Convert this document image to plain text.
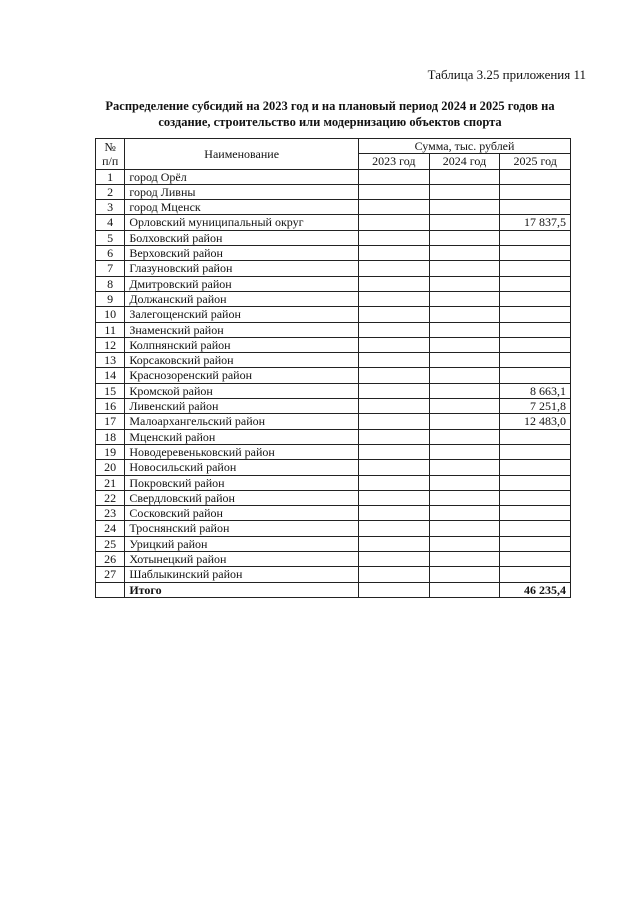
Таблица 3.25 приложения 11
Распределение субсидий на 2023 год и на плановый период 2024 и 2025 годов на
создание, строительство или модернизацию объектов спорта
№
п/п	Наименование	Сумма, тыс. рублей		
		2023 год	2024 год	2025 год
1	город Орёл			
2	город Ливны			
3	город Мценск			
4	Орловский муниципальный округ			17 837,5
5	Болховский район			
6	Верховский район			
7	Глазуновский район			
8	Дмитровский район			
9	Должанский район			
10	Залегощенский район			
11	Знаменский район			
12	Колпнянский район			
13	Корсаковский район			
14	Краснозоренский район			
15	Кромской район			8 663,1
16	Ливенский район			7 251,8
17	Малоархангельский район			12 483,0
18	Мценский район			
19	Новодеревеньковский район			
20	Новосильский район			
21	Покровский район			
22	Свердловский район			
23	Сосковский район			
24	Троснянский район			
25	Урицкий район			
26	Хотынецкий район			
27	Шаблыкинский район			
	Итого			46 235,4
